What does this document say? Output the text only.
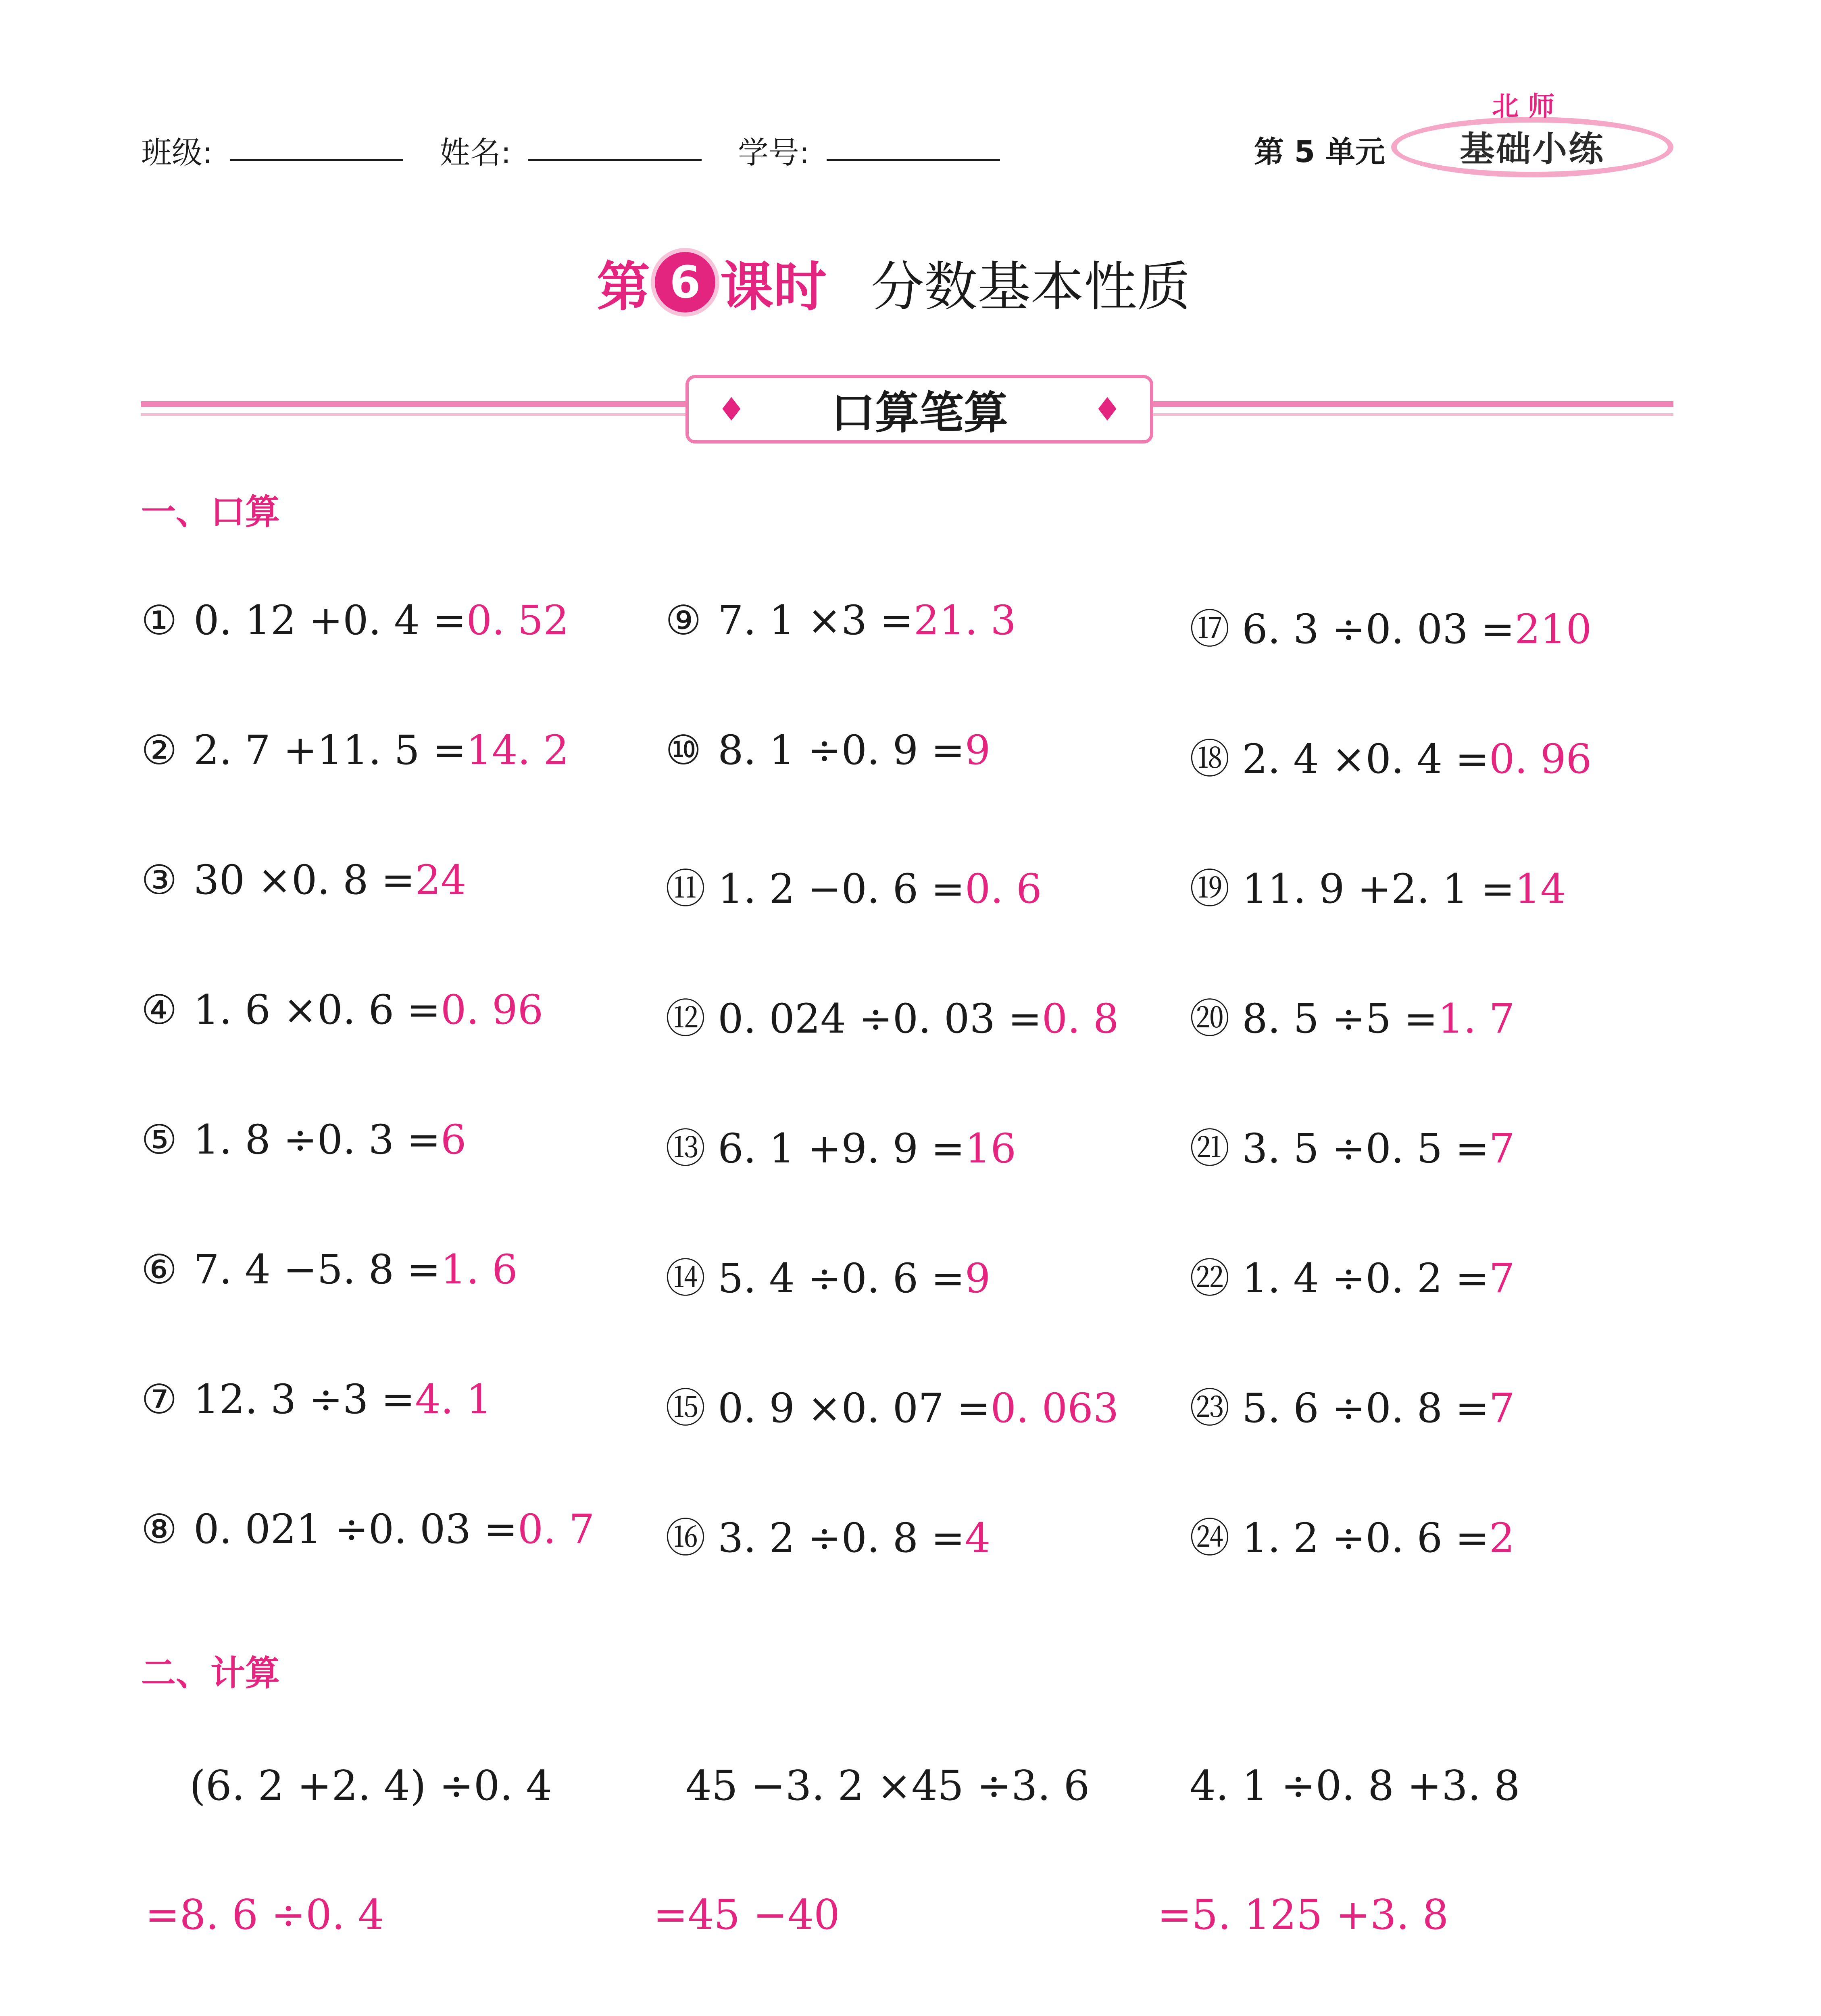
班级:	姓名:	学号:	第 5 单元
北 师
基础小练
第 6 课时 分数基本性质
♦ 口算笔算	♦
一、口算
① 0. 12 +0. 4 =0. 52
② 2. 7 +11. 5 =14. 2
③ 30 ×0. 8 =24
④ 1. 6 ×0. 6 =0. 96
⑤ 1. 8 ÷0. 3 =6
⑥ 7. 4 −5. 8 =1. 6
⑦ 12. 3 ÷3 =4. 1
⑧ 0. 021 ÷0. 03 =0. 7
⑨ 7. 1 ×3 =21. 3
⑩ 8. 1 ÷0. 9 =9
⑪ 1. 2 −0. 6 =0. 6
⑫ 0. 024 ÷0. 03 =0. 8
⑬ 6. 1 +9. 9 =16
⑭ 5. 4 ÷0. 6 =9
⑮ 0. 9 ×0. 07 =0. 063
⑯ 3. 2 ÷0. 8 =4
⑰ 6. 3 ÷0. 03 =210
⑱ 2. 4 ×0. 4 =0. 96
⑲ 11. 9 +2. 1 =14
⑳ 8. 5 ÷5 =1. 7
㉑ 3. 5 ÷0. 5 =7
㉒ 1. 4 ÷0. 2 =7
㉓ 5. 6 ÷0. 8 =7
㉔ 1. 2 ÷0. 6 =2
二、计算
(6. 2 +2. 4) ÷0. 4
=8. 6 ÷0. 4
45 −3. 2 ×45 ÷3. 6
=45 −40
4. 1 ÷0. 8 +3. 8
=5. 125 +3. 8
